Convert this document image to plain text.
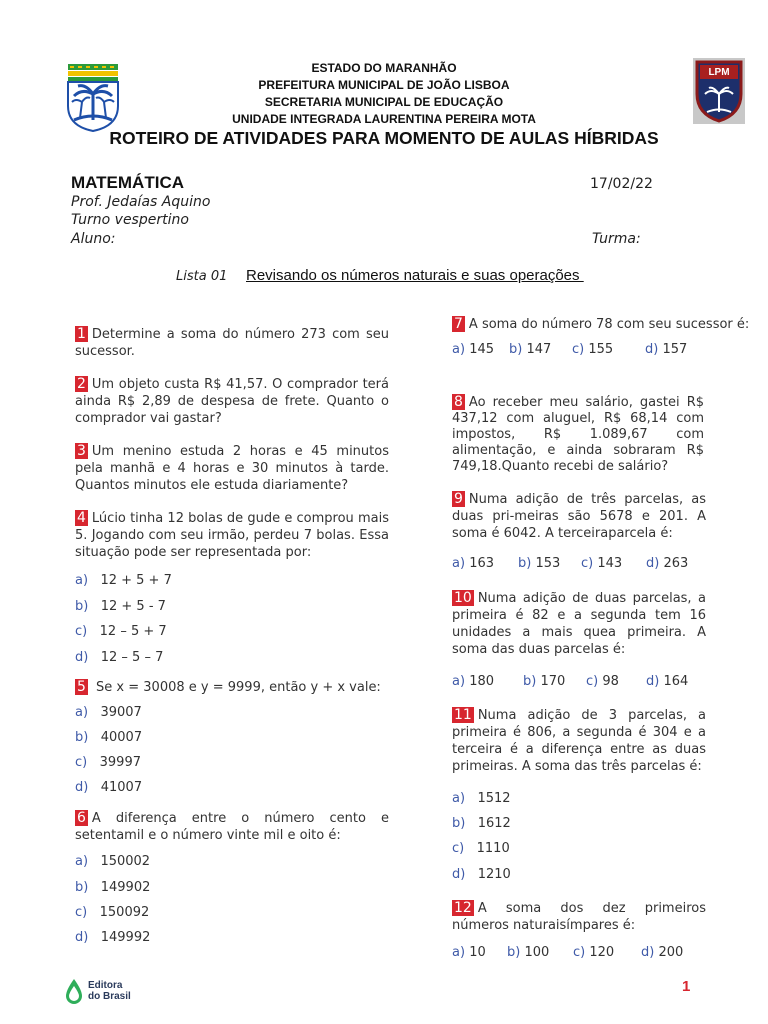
ESTADO DO MARANHÃO
PREFEITURA MUNICIPAL DE JOÃO LISBOA
SECRETARIA MUNICIPAL DE EDUCAÇÃO
UNIDADE INTEGRADA LAURENTINA PEREIRA MOTA
LPM
ROTEIRO DE ATIVIDADES PARA MOMENTO DE AULAS HÍBRIDAS
MATEMÁTICA	17/02/22
Prof. Jedaías Aquino
Turno vespertino
Aluno:	Turma:
Lista 01 Revisando os números naturais e suas operações
1 Determine a soma do número 273 com seu sucessor.
2 Um objeto custa R$ 41,57. O comprador terá ainda R$ 2,89 de despesa de frete. Quanto o comprador vai gastar?
3 Um menino estuda 2 horas e 45 minutos pela manhã e 4 horas e 30 minutos à tarde. Quantos minutos ele estuda diariamente?
4 Lúcio tinha 12 bolas de gude e comprou mais 5. Jogando com seu irmão, perdeu 7 bolas. Essa situação pode ser representada por:
a) 12 + 5 + 7
b) 12 + 5 - 7
c) 12 – 5 + 7
d) 12 – 5 – 7
5 Se x = 30008 e y = 9999, então y + x vale:
a) 39007
b) 40007
c) 39997
d) 41007
6 A diferença entre o número cento e setentamil e o número vinte mil e oito é:
a) 150002
b) 149902
c) 150092
d) 149992
7 A soma do número 78 com seu sucessor é:
a) 145 b) 147 c) 155 d) 157
8 Ao receber meu salário, gastei R$ 437,12 com aluguel, R$ 68,14 com impostos, R$ 1.089,67 com alimentação, e ainda sobraram R$ 749,18.Quanto recebi de salário?
9 Numa adição de três parcelas, as duas pri-meiras são 5678 e 201. A soma é 6042. A terceiraparcela é:
a) 163 b) 153 c) 143 d) 263
10 Numa adição de duas parcelas, a primeira é 82 e a segunda tem 16 unidades a mais quea primeira. A soma das duas parcelas é:
a) 180 b) 170 c) 98 d) 164
11 Numa adição de 3 parcelas, a primeira é 806, a segunda é 304 e a terceira é a diferença entre as duas primeiras. A soma das três parcelas é:
a) 1512
b) 1612
c) 1110
d) 1210
12 A soma dos dez primeiros números naturaisímpares é:
a) 10 b) 100 c) 120 d) 200
Editora
do Brasil
1
